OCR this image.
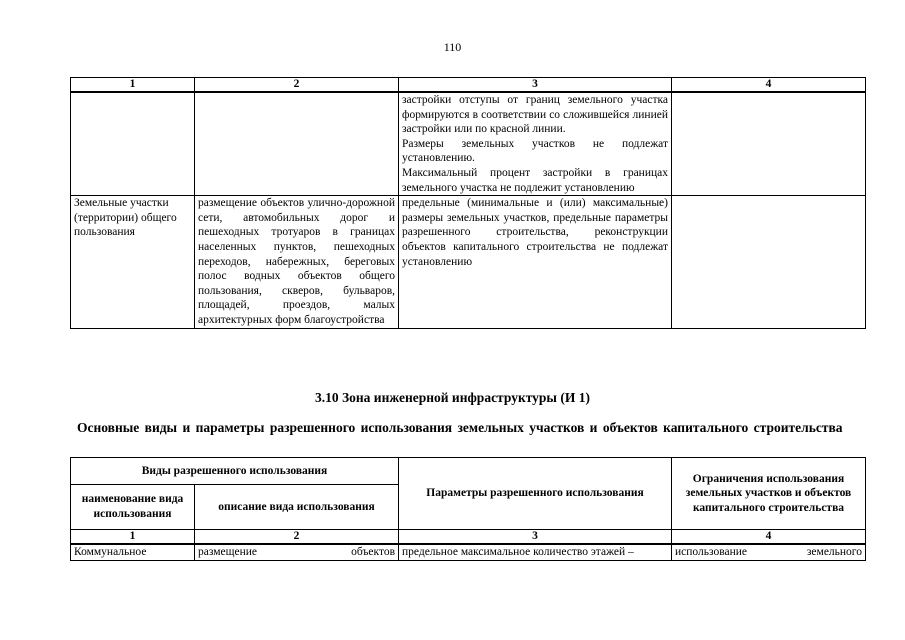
110
1	2	3	4

		застройки отступы от границ земельного участка формируются в соответствии со сложившейся линией застройки или по красной линии.
Размеры земельных участков не подлежат установлению.
Максимальный процент застройки в границах земельного участка не подлежит установлению	

Земельные участки (территории) общего пользования	размещение объектов улично-дорожной сети, автомобильных дорог и пешеходных тротуаров в границах населенных пунктов, пешеходных переходов, набережных, береговых полос водных объектов общего пользования, скверов, бульваров, площадей, проездов, малых архитектурных форм благоустройства	предельные (минимальные и (или) максимальные) размеры земельных участков, предельные параметры разрешенного строительства, реконструкции объектов капитального строительства не подлежат установлению	
3.10 Зона инженерной инфраструктуры (И 1)
Основные виды и параметры разрешенного использования земельных участков и объектов капитального строительства
Виды разрешенного использования		Параметры разрешенного использования	Ограничения использования земельных участков и объектов капитального строительства
наименование вида использования	описание вида использования		
1	2	3	4
Коммунальное	размещение объектов	предельное максимальное количество этажей –	использование земельного
